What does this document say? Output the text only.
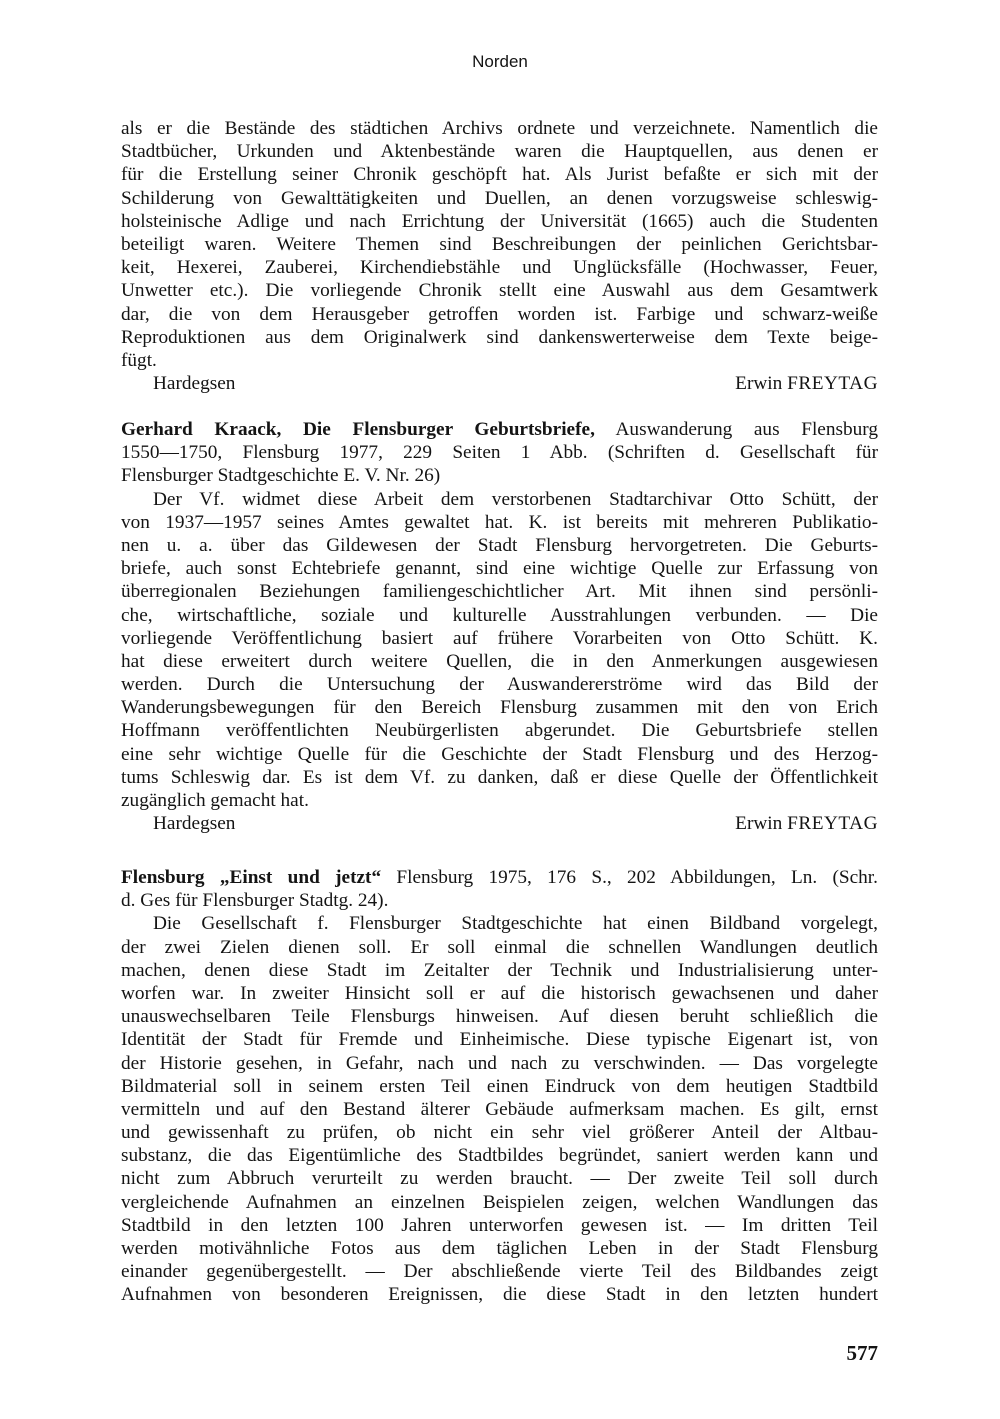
Norden
als er die Bestände des städtichen Archivs ordnete und verzeichnete. Namentlich die
Stadtbücher, Urkunden und Aktenbestände waren die Hauptquellen, aus denen er
für die Erstellung seiner Chronik geschöpft hat. Als Jurist befaßte er sich mit der
Schilderung von Gewalttätigkeiten und Duellen, an denen vorzugsweise schleswig-
holsteinische Adlige und nach Errichtung der Universität (1665) auch die Studenten
beteiligt waren. Weitere Themen sind Beschreibungen der peinlichen Gerichtsbar-
keit, Hexerei, Zauberei, Kirchendiebstähle und Unglücksfälle (Hochwasser, Feuer,
Unwetter etc.). Die vorliegende Chronik stellt eine Auswahl aus dem Gesamtwerk
dar, die von dem Herausgeber getroffen worden ist. Farbige und schwarz-weiße
Reproduktionen aus dem Originalwerk sind dankenswerterweise dem Texte beige-
fügt.
Hardegsen	Erwin FREYTAG
Gerhard Kraack, Die Flensburger Geburtsbriefe, Auswanderung aus Flensburg
1550—1750, Flensburg 1977, 229 Seiten 1 Abb. (Schriften d. Gesellschaft für
Flensburger Stadtgeschichte E. V. Nr. 26)
Der Vf. widmet diese Arbeit dem verstorbenen Stadtarchivar Otto Schütt, der
von 1937—1957 seines Amtes gewaltet hat. K. ist bereits mit mehreren Publikatio-
nen u. a. über das Gildewesen der Stadt Flensburg hervorgetreten. Die Geburts-
briefe, auch sonst Echtebriefe genannt, sind eine wichtige Quelle zur Erfassung von
überregionalen Beziehungen familiengeschichtlicher Art. Mit ihnen sind persönli-
che, wirtschaftliche, soziale und kulturelle Ausstrahlungen verbunden. — Die
vorliegende Veröffentlichung basiert auf frühere Vorarbeiten von Otto Schütt. K.
hat diese erweitert durch weitere Quellen, die in den Anmerkungen ausgewiesen
werden. Durch die Untersuchung der Auswandererströme wird das Bild der
Wanderungsbewegungen für den Bereich Flensburg zusammen mit den von Erich
Hoffmann veröffentlichten Neubürgerlisten abgerundet. Die Geburtsbriefe stellen
eine sehr wichtige Quelle für die Geschichte der Stadt Flensburg und des Herzog-
tums Schleswig dar. Es ist dem Vf. zu danken, daß er diese Quelle der Öffentlichkeit
zugänglich gemacht hat.
Hardegsen	Erwin FREYTAG
Flensburg „Einst und jetzt“ Flensburg 1975, 176 S., 202 Abbildungen, Ln. (Schr.
d. Ges für Flensburger Stadtg. 24).
Die Gesellschaft f. Flensburger Stadtgeschichte hat einen Bildband vorgelegt,
der zwei Zielen dienen soll. Er soll einmal die schnellen Wandlungen deutlich
machen, denen diese Stadt im Zeitalter der Technik und Industrialisierung unter-
worfen war. In zweiter Hinsicht soll er auf die historisch gewachsenen und daher
unauswechselbaren Teile Flensburgs hinweisen. Auf diesen beruht schließlich die
Identität der Stadt für Fremde und Einheimische. Diese typische Eigenart ist, von
der Historie gesehen, in Gefahr, nach und nach zu verschwinden. — Das vorgelegte
Bildmaterial soll in seinem ersten Teil einen Eindruck von dem heutigen Stadtbild
vermitteln und auf den Bestand älterer Gebäude aufmerksam machen. Es gilt, ernst
und gewissenhaft zu prüfen, ob nicht ein sehr viel größerer Anteil der Altbau-
substanz, die das Eigentümliche des Stadtbildes begründet, saniert werden kann und
nicht zum Abbruch verurteilt zu werden braucht. — Der zweite Teil soll durch
vergleichende Aufnahmen an einzelnen Beispielen zeigen, welchen Wandlungen das
Stadtbild in den letzten 100 Jahren unterworfen gewesen ist. — Im dritten Teil
werden motivähnliche Fotos aus dem täglichen Leben in der Stadt Flensburg
einander gegenübergestellt. — Der abschließende vierte Teil des Bildbandes zeigt
Aufnahmen von besonderen Ereignissen, die diese Stadt in den letzten hundert
577
